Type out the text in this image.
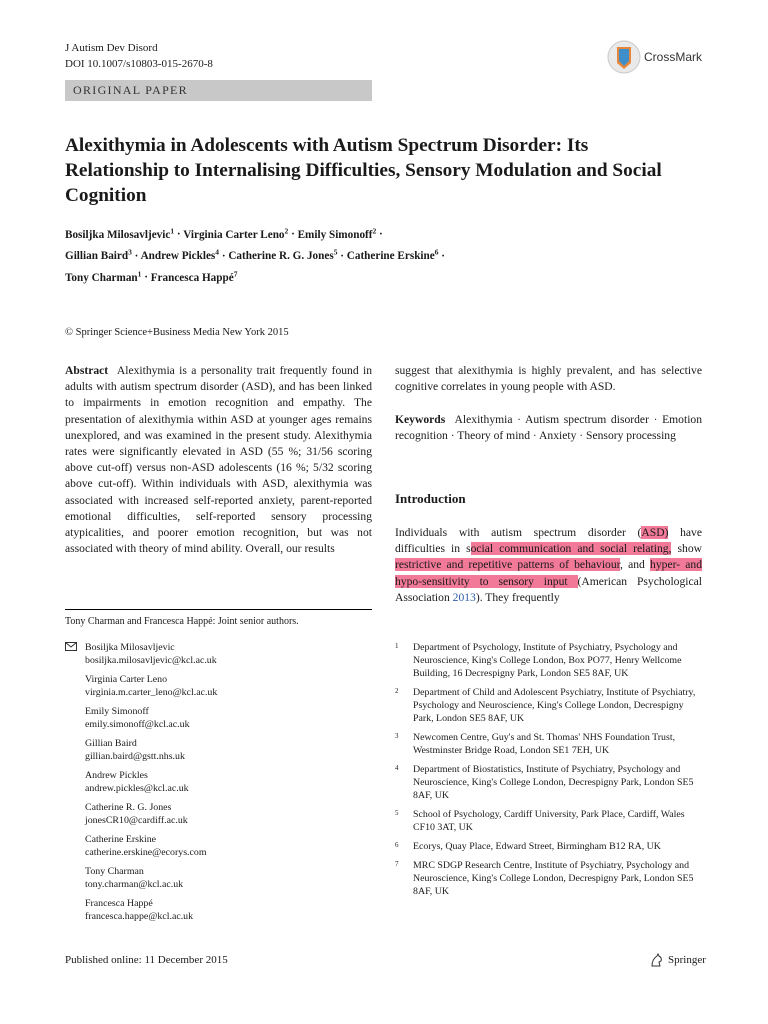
J Autism Dev Disord
DOI 10.1007/s10803-015-2670-8	CrossMark
ORIGINAL PAPER
Alexithymia in Adolescents with Autism Spectrum Disorder: Its Relationship to Internalising Difficulties, Sensory Modulation and Social Cognition
Bosiljka Milosavljevic$^1$ · Virginia Carter Leno$^2$ · Emily Simonoff$^2$ ·
Gillian Baird$^3$ · Andrew Pickles$^4$ · Catherine R. G. Jones$^5$ · Catherine Erskine$^6$ ·
Tony Charman$^1$ · Francesca Happé$^7$
© Springer Science+Business Media New York 2015
Abstract Alexithymia is a personality trait frequently found in adults with autism spectrum disorder (ASD), and has been linked to impairments in emotion recognition and empathy. The presentation of alexithymia within ASD at younger ages remains unexplored, and was examined in the present study. Alexithymia rates were significantly elevated in ASD (55 %; 31/56 scoring above cut-off) versus non-ASD adolescents (16 %; 5/32 scoring above cut-off). Within individuals with ASD, alexithymia was associated with increased self-reported anxiety, parent-reported emotional difficulties, self-reported sensory processing atypicalities, and poorer emotion recognition, but was not associated with theory of mind ability. Overall, our results
suggest that alexithymia is highly prevalent, and has selective cognitive correlates in young people with ASD.
Keywords Alexithymia · Autism spectrum disorder · Emotion recognition · Theory of mind · Anxiety · Sensory processing
Introduction
Individuals with autism spectrum disorder (ASD) have difficulties in social communication and social relating, show restrictive and repetitive patterns of behaviour, and hyper- and hypo-sensitivity to sensory input (American Psychological Association 2013). They frequently
Tony Charman and Francesca Happé: Joint senior authors.
Bosiljka Milosavljevic
bosiljka.milosavljevic@kcl.ac.uk
Virginia Carter Leno
virginia.m.carter_leno@kcl.ac.uk
Emily Simonoff
emily.simonoff@kcl.ac.uk
Gillian Baird
gillian.baird@gstt.nhs.uk
Andrew Pickles
andrew.pickles@kcl.ac.uk
Catherine R. G. Jones
jonesCR10@cardiff.ac.uk
Catherine Erskine
catherine.erskine@ecorys.com
Tony Charman
tony.charman@kcl.ac.uk
Francesca Happé
francesca.happe@kcl.ac.uk
1 Department of Psychology, Institute of Psychiatry, Psychology and Neuroscience, King's College London, Box PO77, Henry Wellcome Building, 16 Decrespigny Park, London SE5 8AF, UK
2 Department of Child and Adolescent Psychiatry, Institute of Psychiatry, Psychology and Neuroscience, King's College London, Decrespigny Park, London SE5 8AF, UK
3 Newcomen Centre, Guy's and St. Thomas' NHS Foundation Trust, Westminster Bridge Road, London SE1 7EH, UK
4 Department of Biostatistics, Institute of Psychiatry, Psychology and Neuroscience, King's College London, Decrespigny Park, London SE5 8AF, UK
5 School of Psychology, Cardiff University, Park Place, Cardiff, Wales CF10 3AT, UK
6 Ecorys, Quay Place, Edward Street, Birmingham B12 RA, UK
7 MRC SDGP Research Centre, Institute of Psychiatry, Psychology and Neuroscience, King's College London, Decrespigny Park, London SE5 8AF, UK
Published online: 11 December 2015	Springer
